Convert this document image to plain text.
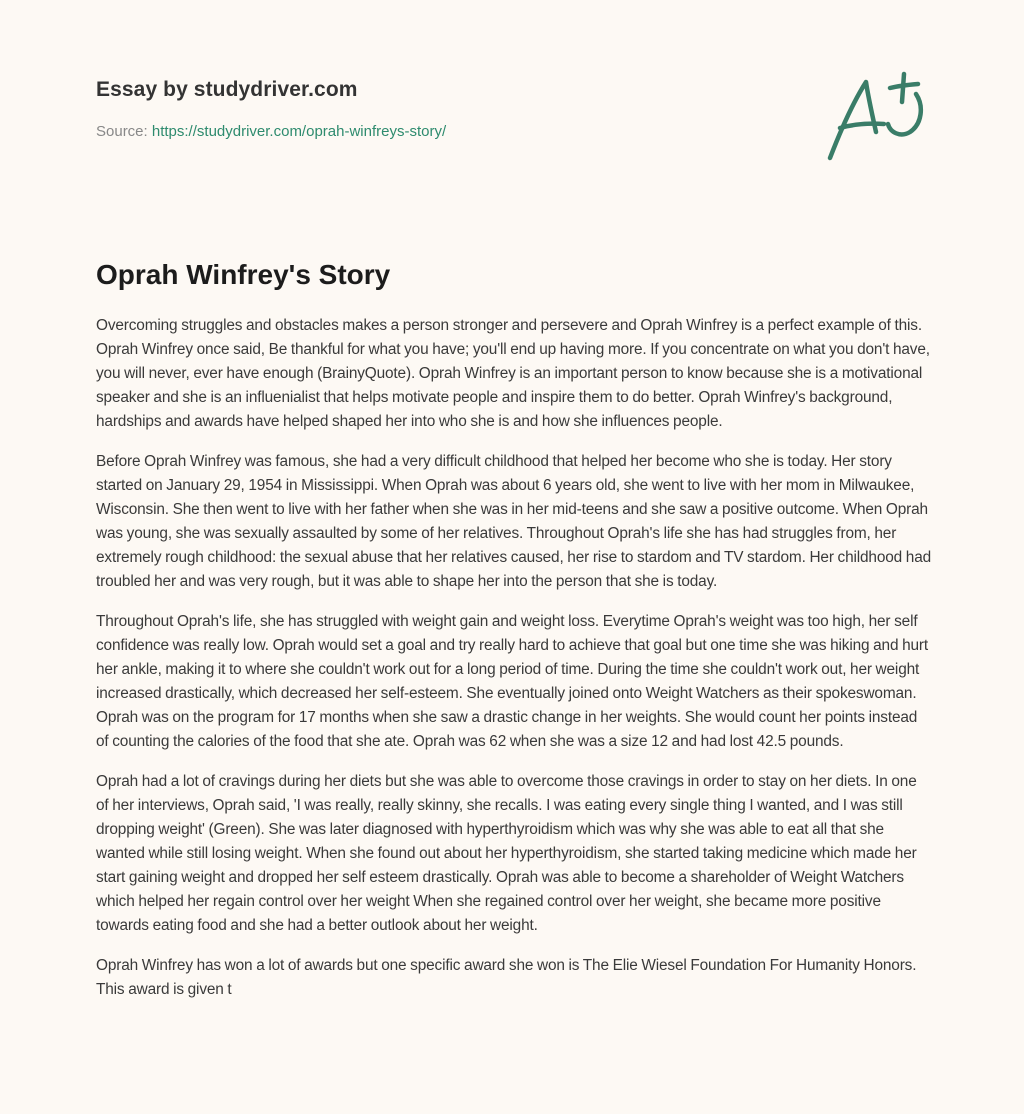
Essay by studydriver.com
Source: https://studydriver.com/oprah-winfreys-story/
Oprah Winfrey's Story

Overcoming struggles and obstacles makes a person stronger and persevere and Oprah Winfrey is a perfect example of this. Oprah Winfrey once said, Be thankful for what you have; you'll end up having more. If you concentrate on what you don't have, you will never, ever have enough (BrainyQuote). Oprah Winfrey is an important person to know because she is a motivational speaker and she is an influenialist that helps motivate people and inspire them to do better. Oprah Winfrey's background, hardships and awards have helped shaped her into who she is and how she influences people.

Before Oprah Winfrey was famous, she had a very difficult childhood that helped her become who she is today. Her story started on January 29, 1954 in Mississippi. When Oprah was about 6 years old, she went to live with her mom in Milwaukee, Wisconsin. She then went to live with her father when she was in her mid-teens and she saw a positive outcome. When Oprah was young, she was sexually assaulted by some of her relatives. Throughout Oprah's life she has had struggles from, her extremely rough childhood: the sexual abuse that her relatives caused, her rise to stardom and TV stardom. Her childhood had troubled her and was very rough, but it was able to shape her into the person that she is today.

Throughout Oprah's life, she has struggled with weight gain and weight loss. Everytime Oprah's weight was too high, her self confidence was really low. Oprah would set a goal and try really hard to achieve that goal but one time she was hiking and hurt her ankle, making it to where she couldn't work out for a long period of time. During the time she couldn't work out, her weight increased drastically, which decreased her self-esteem. She eventually joined onto Weight Watchers as their spokeswoman. Oprah was on the program for 17 months when she saw a drastic change in her weights. She would count her points instead of counting the calories of the food that she ate. Oprah was 62 when she was a size 12 and had lost 42.5 pounds.

Oprah had a lot of cravings during her diets but she was able to overcome those cravings in order to stay on her diets. In one of her interviews, Oprah said, 'I was really, really skinny, she recalls. I was eating every single thing I wanted, and I was still dropping weight' (Green). She was later diagnosed with hyperthyroidism which was why she was able to eat all that she wanted while still losing weight. When she found out about her hyperthyroidism, she started taking medicine which made her start gaining weight and dropped her self esteem drastically. Oprah was able to become a shareholder of Weight Watchers which helped her regain control over her weight When she regained control over her weight, she became more positive towards eating food and she had a better outlook about her weight.

Oprah Winfrey has won a lot of awards but one specific award she won is The Elie Wiesel Foundation For Humanity Honors. This award is given t
